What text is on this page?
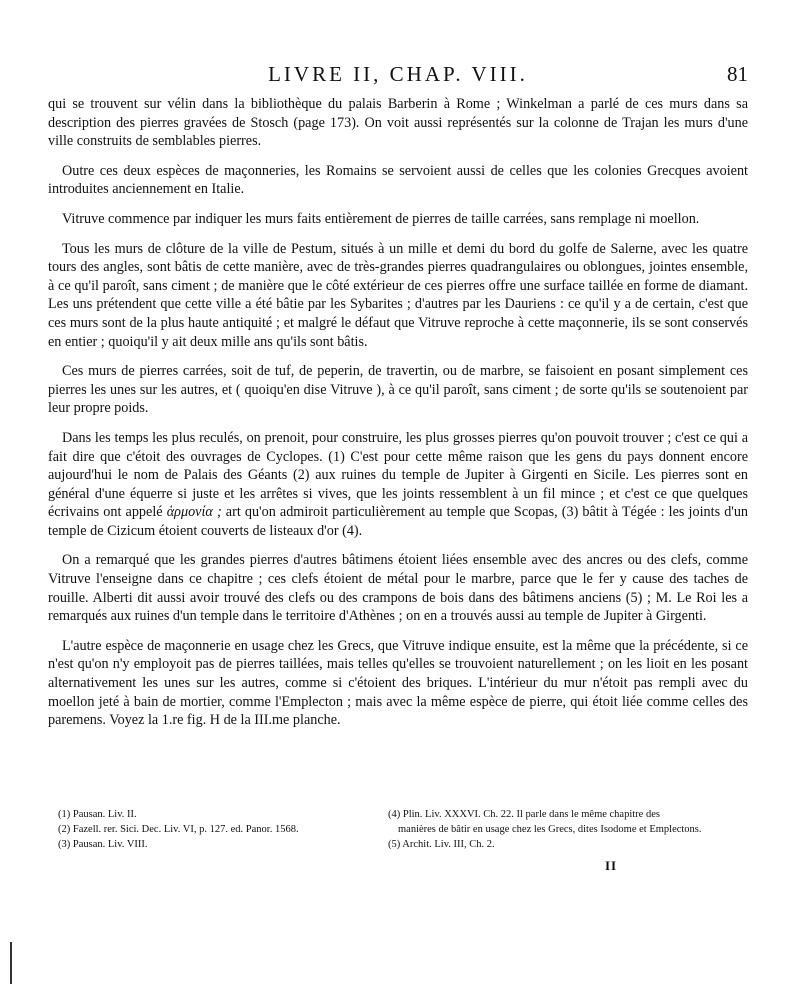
LIVRE II, CHAP. VIII.	81

qui se trouvent sur vélin dans la bibliothèque du palais Barberin à Rome ; Winkelman a parlé de ces murs dans sa description des pierres gravées de Stosch (page 173). On voit aussi représentés sur la colonne de Trajan les murs d'une ville construits de semblables pierres.

Outre ces deux espèces de maçonneries, les Romains se servoient aussi de celles que les colonies Grecques avoient introduites anciennement en Italie.

Vitruve commence par indiquer les murs faits entièrement de pierres de taille carrées, sans remplage ni moellon.

Tous les murs de clôture de la ville de Pestum, situés à un mille et demi du bord du golfe de Salerne, avec les quatre tours des angles, sont bâtis de cette manière, avec de très-grandes pierres quadrangulaires ou oblongues, jointes ensemble, à ce qu'il paroît, sans ciment ; de manière que le côté extérieur de ces pierres offre une surface taillée en forme de diamant. Les uns prétendent que cette ville a été bâtie par les Sybarites ; d'autres par les Dauriens : ce qu'il y a de certain, c'est que ces murs sont de la plus haute antiquité ; et malgré le défaut que Vitruve reproche à cette maçonnerie, ils se sont conservés en entier ; quoiqu'il y ait deux mille ans qu'ils sont bâtis.

Ces murs de pierres carrées, soit de tuf, de peperin, de travertin, ou de marbre, se faisoient en posant simplement ces pierres les unes sur les autres, et ( quoiqu'en dise Vitruve ), à ce qu'il paroît, sans ciment ; de sorte qu'ils se soutenoient par leur propre poids.

Dans les temps les plus reculés, on prenoit, pour construire, les plus grosses pierres qu'on pouvoit trouver ; c'est ce qui a fait dire que c'étoit des ouvrages de Cyclopes. (1) C'est pour cette même raison que les gens du pays donnent encore aujourd'hui le nom de Palais des Géants (2) aux ruines du temple de Jupiter à Girgenti en Sicile. Les pierres sont en général d'une équerre si juste et les arrêtes si vives, que les joints ressemblent à un fil mince ; et c'est ce que quelques écrivains ont appelé ἁρμονία ; art qu'on admiroit particulièrement au temple que Scopas, (3) bâtit à Tégée : les joints d'un temple de Cizicum étoient couverts de listeaux d'or (4).

On a remarqué que les grandes pierres d'autres bâtimens étoient liées ensemble avec des ancres ou des clefs, comme Vitruve l'enseigne dans ce chapitre ; ces clefs étoient de métal pour le marbre, parce que le fer y cause des taches de rouille. Alberti dit aussi avoir trouvé des clefs ou des crampons de bois dans des bâtimens anciens (5) ; M. Le Roi les a remarqués aux ruines d'un temple dans le territoire d'Athènes ; on en a trouvés aussi au temple de Jupiter à Girgenti.

L'autre espèce de maçonnerie en usage chez les Grecs, que Vitruve indique ensuite, est la même que la précédente, si ce n'est qu'on n'y employoit pas de pierres taillées, mais telles qu'elles se trouvoient naturellement ; on les lioit en les posant alternativement les unes sur les autres, comme si c'étoient des briques. L'intérieur du mur n'étoit pas rempli avec du moellon jeté à bain de mortier, comme l'Emplecton ; mais avec la même espèce de pierre, qui étoit liée comme celles des paremens. Voyez la 1.re fig. H de la III.me planche.

(1) Pausan. Liv. II.
(2) Fazell. rer. Sici. Dec. Liv. VI, p. 127. ed. Panor. 1568.
(3) Pausan. Liv. VIII.
(4) Plin. Liv. XXXVI. Ch. 22. Il parle dans le même chapitre des
manières de bâtir en usage chez les Grecs, dites Isodome et Emplectons.
(5) Archit. Liv. III, Ch. 2.
II
